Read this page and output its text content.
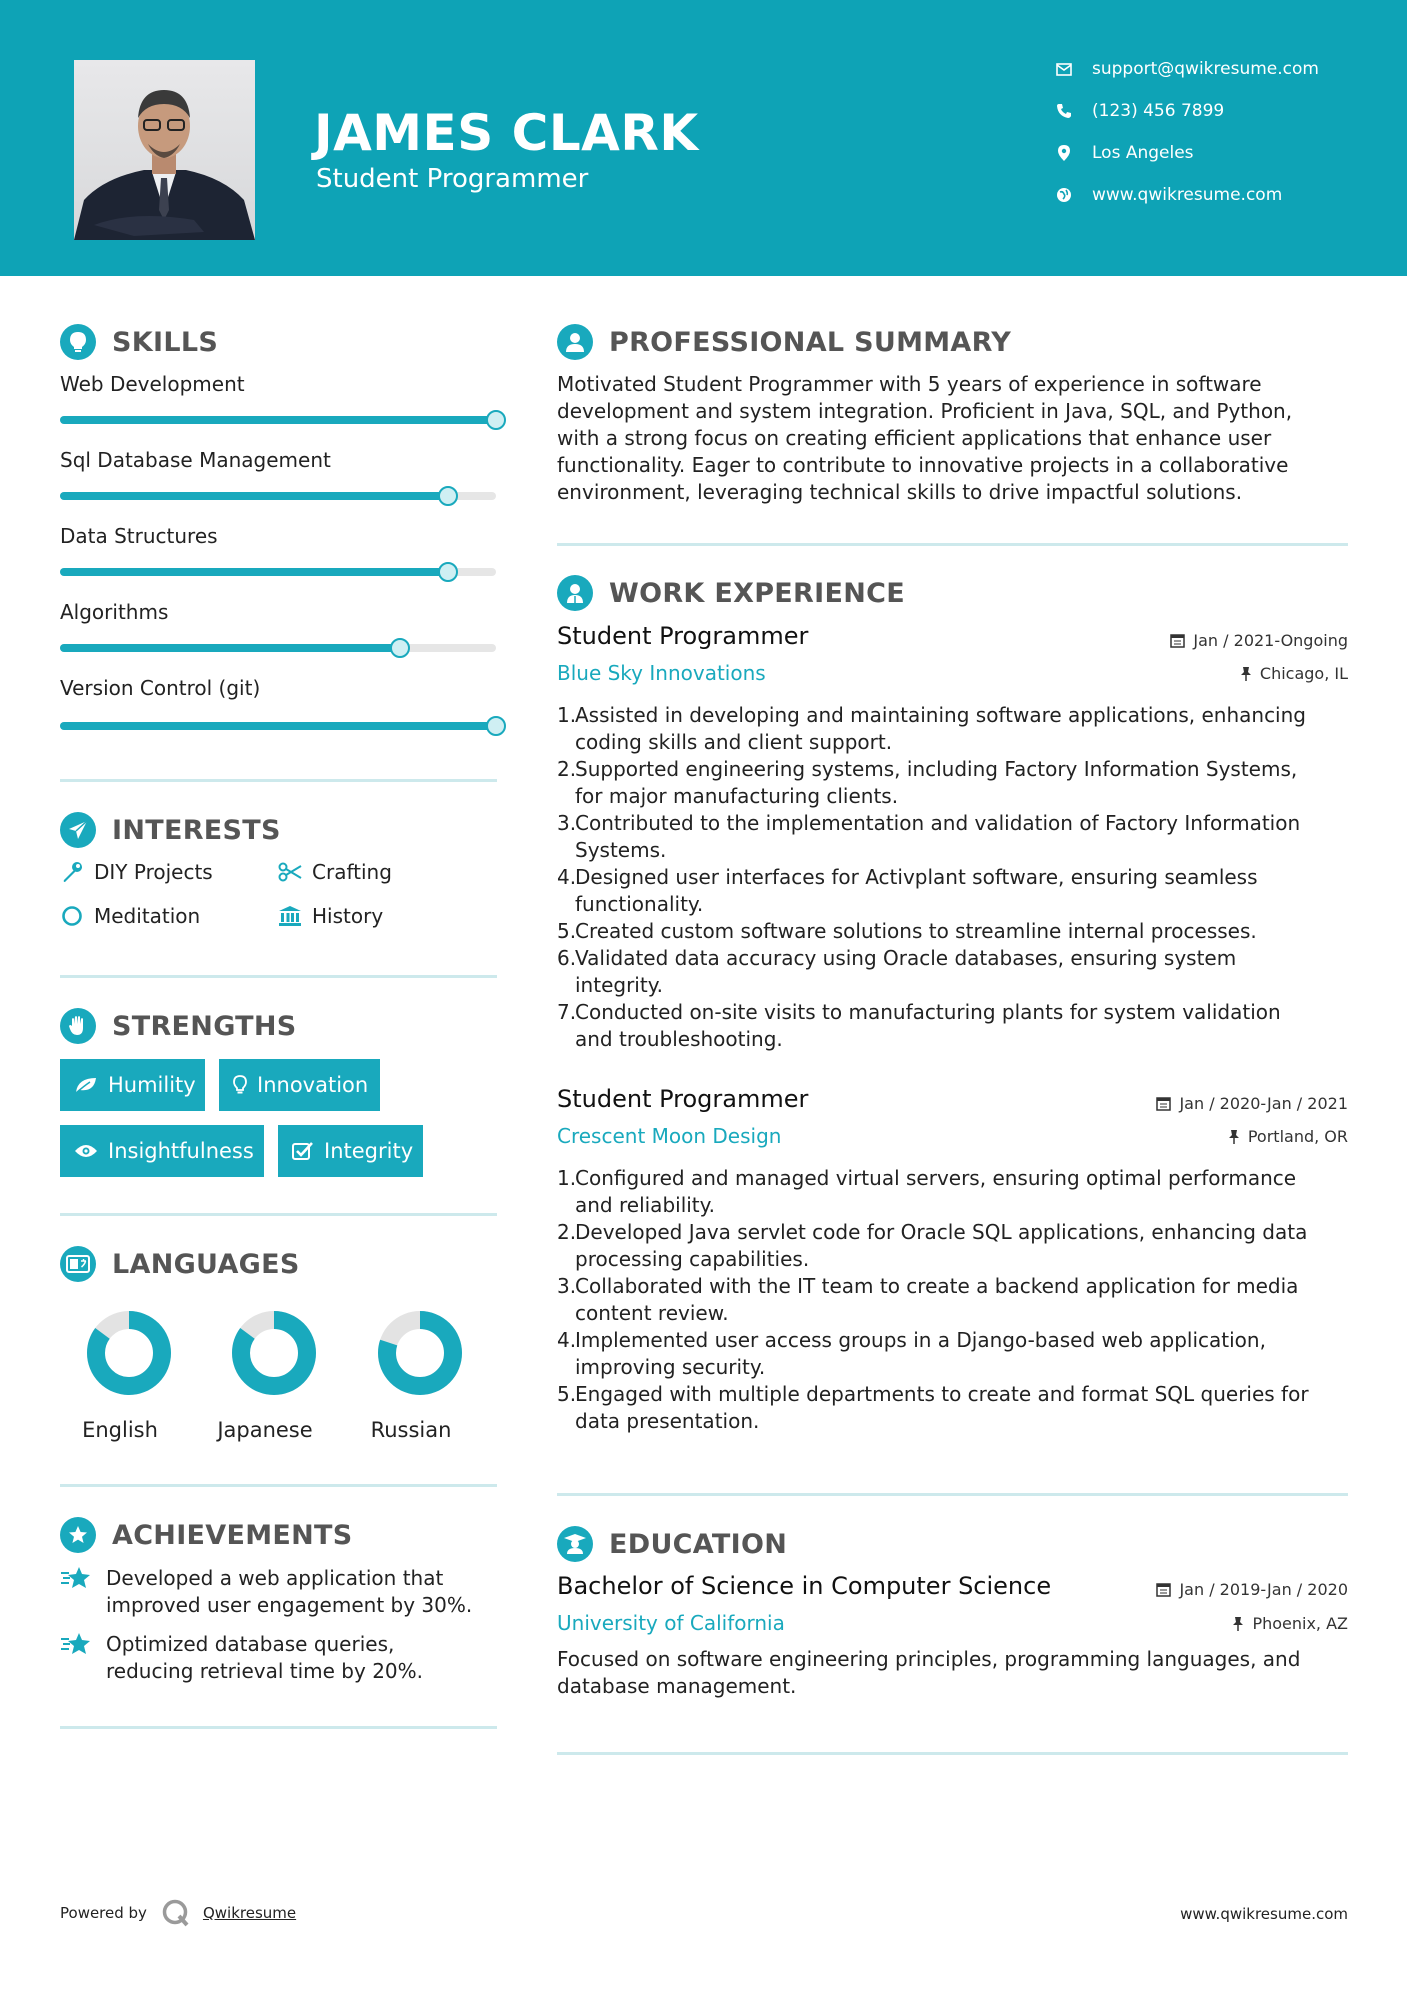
JAMES CLARK
Student Programmer
support@qwikresume.com
(123) 456 7899
Los Angeles
www.qwikresume.com
SKILLS
Web Development
Sql Database Management
Data Structures
Algorithms
Version Control (git)
INTERESTS
DIY Projects	Crafting
Meditation	History
STRENGTHS
Humility	Innovation
Insightfulness	Integrity
LANGUAGES
English	Japanese	Russian
ACHIEVEMENTS
Developed a web application that
improved user engagement by 30%.
Optimized database queries,
reducing retrieval time by 20%.
PROFESSIONAL SUMMARY
Motivated Student Programmer with 5 years of experience in software
development and system integration. Proficient in Java, SQL, and Python,
with a strong focus on creating efficient applications that enhance user
functionality. Eager to contribute to innovative projects in a collaborative
environment, leveraging technical skills to drive impactful solutions.
WORK EXPERIENCE
Student Programmer	Jan / 2021-Ongoing
Blue Sky Innovations	Chicago, IL
1.
Assisted in developing and maintaining software applications, enhancing
coding skills and client support.
2.
Supported engineering systems, including Factory Information Systems,
for major manufacturing clients.
3.
Contributed to the implementation and validation of Factory Information
Systems.
4.
Designed user interfaces for Activplant software, ensuring seamless
functionality.
5.
Created custom software solutions to streamline internal processes.
6.
Validated data accuracy using Oracle databases, ensuring system
integrity.
7.
Conducted on-site visits to manufacturing plants for system validation
and troubleshooting.
Student Programmer	Jan / 2020-Jan / 2021
Crescent Moon Design	Portland, OR
1.
Configured and managed virtual servers, ensuring optimal performance
and reliability.
2.
Developed Java servlet code for Oracle SQL applications, enhancing data
processing capabilities.
3.
Collaborated with the IT team to create a backend application for media
content review.
4.
Implemented user access groups in a Django-based web application,
improving security.
5.
Engaged with multiple departments to create and format SQL queries for
data presentation.
EDUCATION
Bachelor of Science in Computer Science	Jan / 2019-Jan / 2020
University of California	Phoenix, AZ
Focused on software engineering principles, programming languages, and
database management.
Powered by	Qwikresume	www.qwikresume.com
